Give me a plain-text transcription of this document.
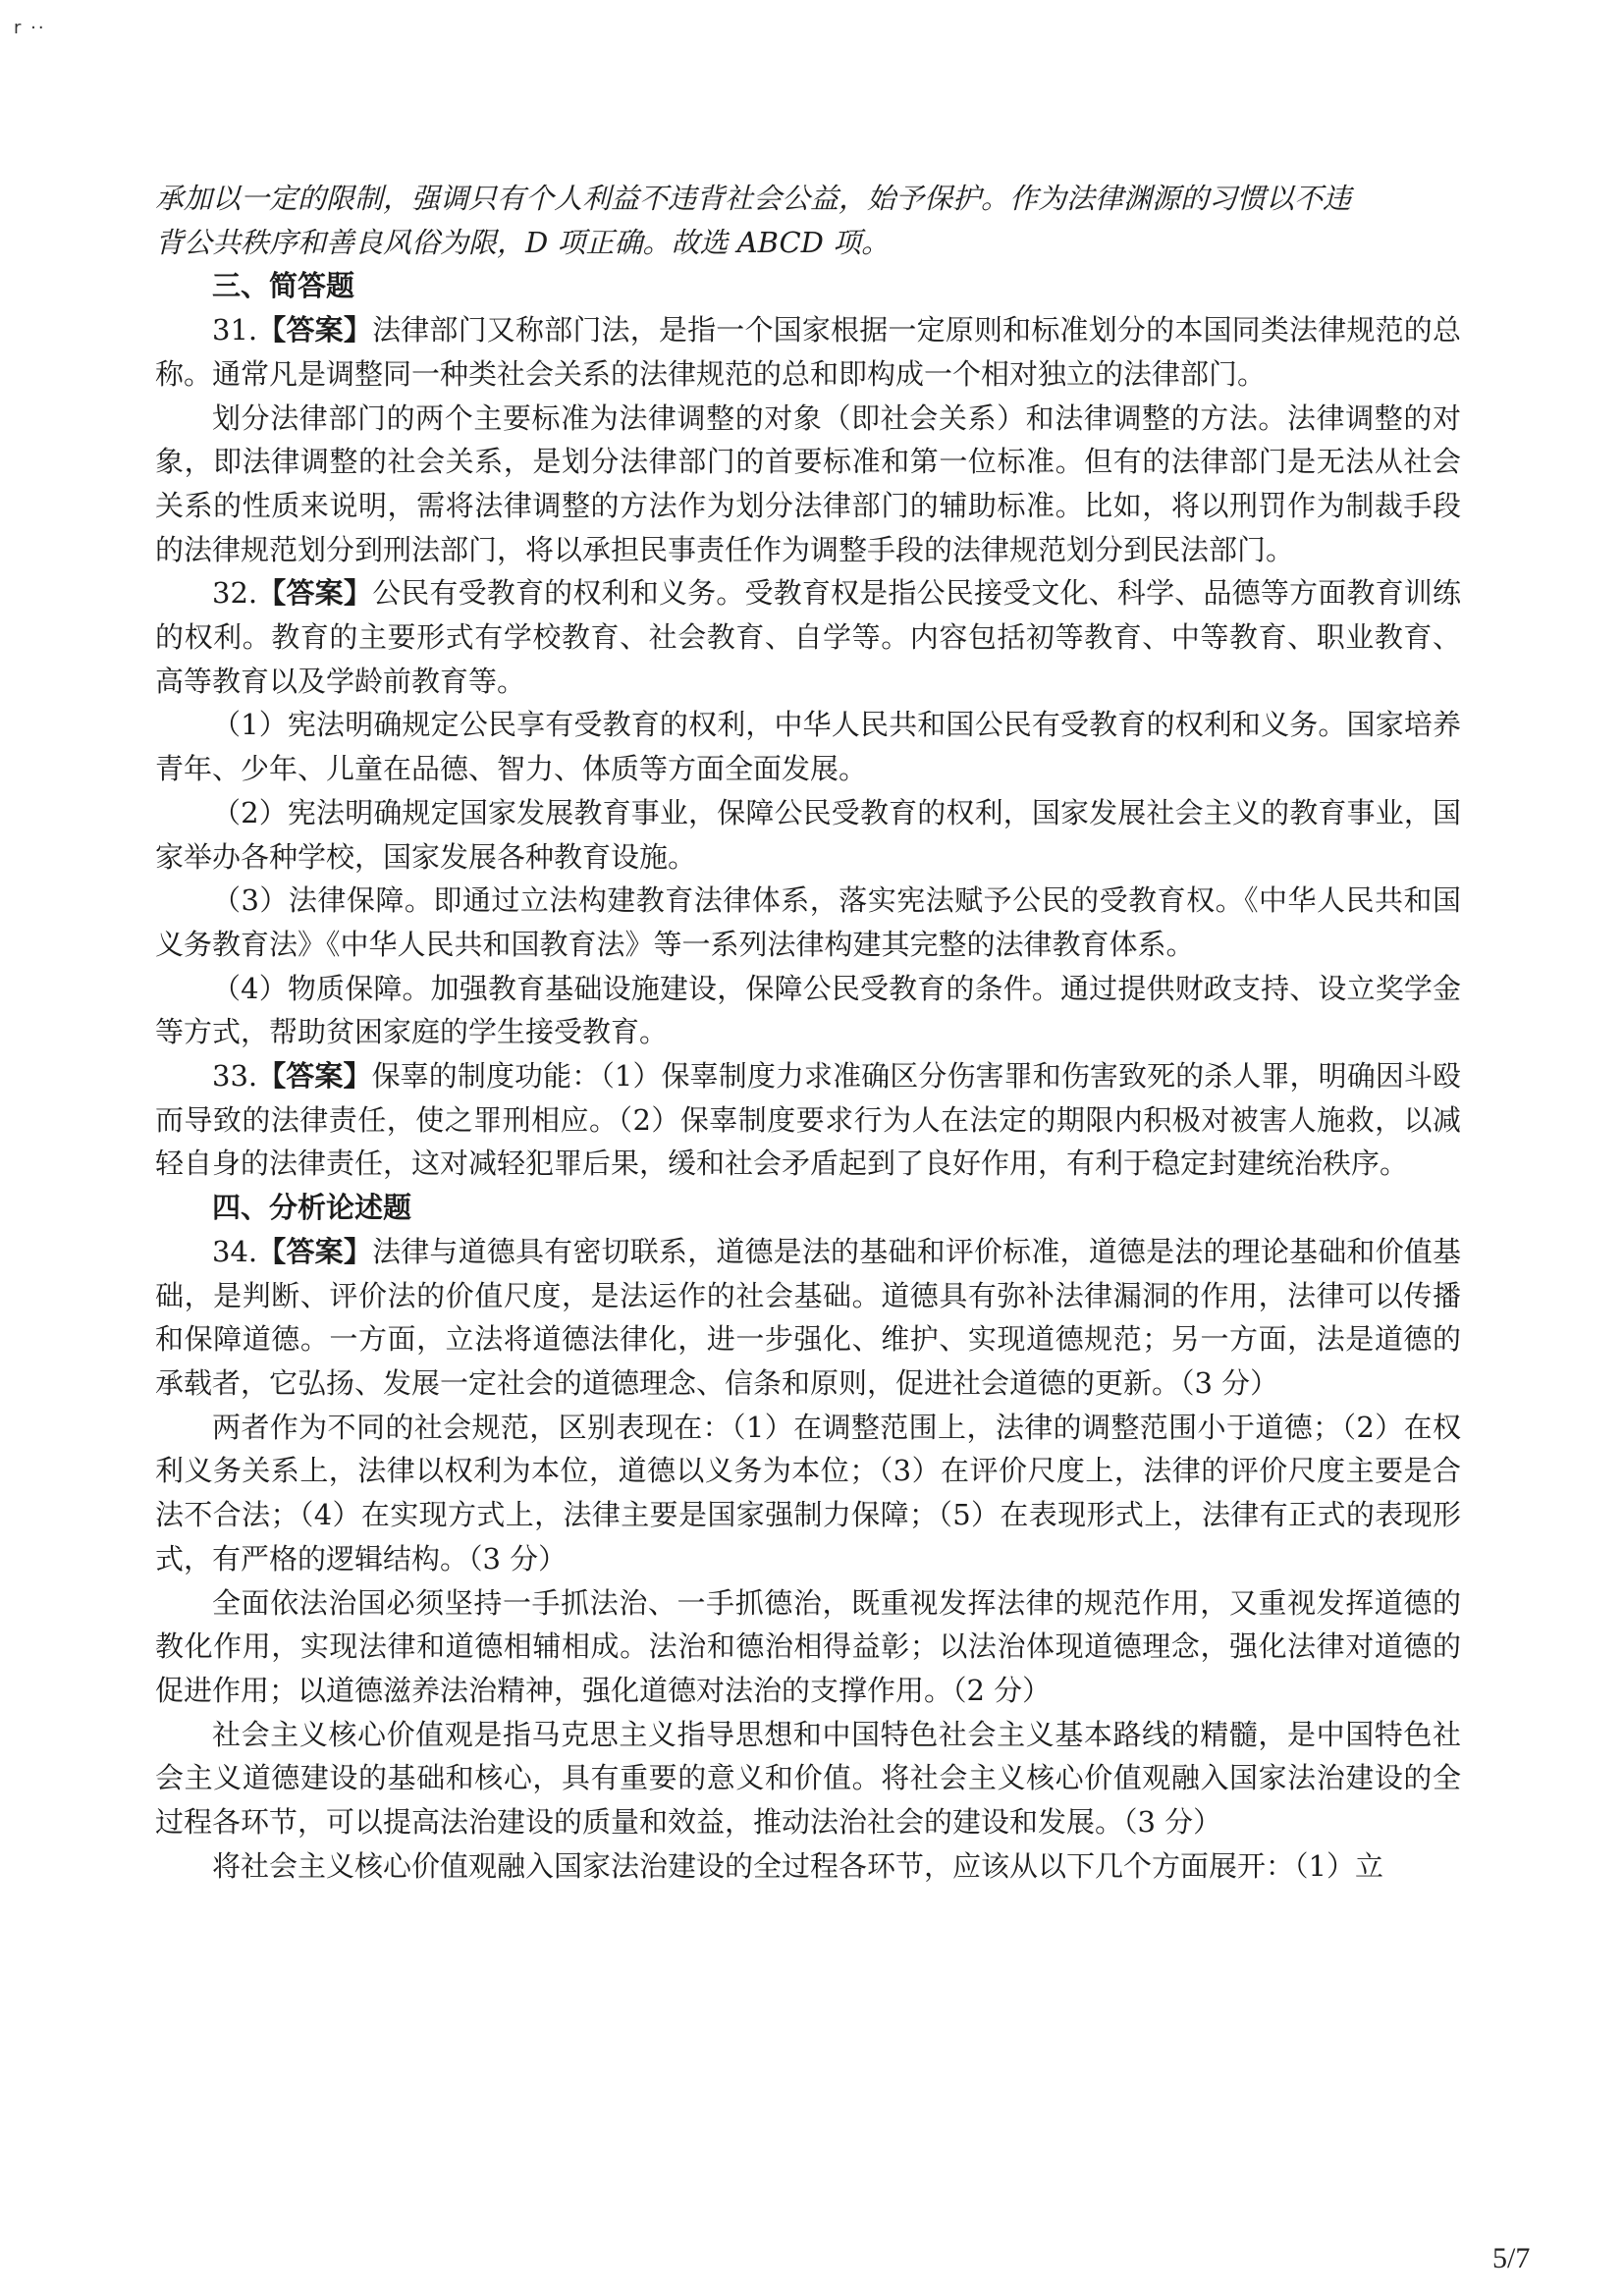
r ··

承加以一定的限制，强调只有个人利益不违背社会公益，始予保护。作为法律渊源的习惯以不违

背公共秩序和善良风俗为限，D 项正确。故选 ABCD 项。

三、简答题

31.【答案】法律部门又称部门法，是指一个国家根据一定原则和标准划分的本国同类法律规范的总称。通常凡是调整同一种类社会关系的法律规范的总和即构成一个相对独立的法律部门。

划分法律部门的两个主要标准为法律调整的对象（即社会关系）和法律调整的方法。法律调整的对象，即法律调整的社会关系，是划分法律部门的首要标准和第一位标准。但有的法律部门是无法从社会关系的性质来说明，需将法律调整的方法作为划分法律部门的辅助标准。比如，将以刑罚作为制裁手段的法律规范划分到刑法部门，将以承担民事责任作为调整手段的法律规范划分到民法部门。

32.【答案】公民有受教育的权利和义务。受教育权是指公民接受文化、科学、品德等方面教育训练的权利。教育的主要形式有学校教育、社会教育、自学等。内容包括初等教育、中等教育、职业教育、高等教育以及学龄前教育等。

（1）宪法明确规定公民享有受教育的权利，中华人民共和国公民有受教育的权利和义务。国家培养青年、少年、儿童在品德、智力、体质等方面全面发展。

（2）宪法明确规定国家发展教育事业，保障公民受教育的权利，国家发展社会主义的教育事业，国家举办各种学校，国家发展各种教育设施。

（3）法律保障。即通过立法构建教育法律体系，落实宪法赋予公民的受教育权。《中华人民共和国义务教育法》《中华人民共和国教育法》等一系列法律构建其完整的法律教育体系。

（4）物质保障。加强教育基础设施建设，保障公民受教育的条件。通过提供财政支持、设立奖学金等方式，帮助贫困家庭的学生接受教育。

33.【答案】保辜的制度功能：（1）保辜制度力求准确区分伤害罪和伤害致死的杀人罪，明确因斗殴而导致的法律责任，使之罪刑相应。（2）保辜制度要求行为人在法定的期限内积极对被害人施救，以减轻自身的法律责任，这对减轻犯罪后果，缓和社会矛盾起到了良好作用，有利于稳定封建统治秩序。

四、分析论述题

34.【答案】法律与道德具有密切联系，道德是法的基础和评价标准，道德是法的理论基础和价值基础，是判断、评价法的价值尺度，是法运作的社会基础。道德具有弥补法律漏洞的作用，法律可以传播和保障道德。一方面，立法将道德法律化，进一步强化、维护、实现道德规范；另一方面，法是道德的承载者，它弘扬、发展一定社会的道德理念、信条和原则，促进社会道德的更新。（3 分）

两者作为不同的社会规范，区别表现在：（1）在调整范围上，法律的调整范围小于道德；（2）在权利义务关系上，法律以权利为本位，道德以义务为本位；（3）在评价尺度上，法律的评价尺度主要是合法不合法；（4）在实现方式上，法律主要是国家强制力保障；（5）在表现形式上，法律有正式的表现形式，有严格的逻辑结构。（3 分）

全面依法治国必须坚持一手抓法治、一手抓德治，既重视发挥法律的规范作用，又重视发挥道德的教化作用，实现法律和道德相辅相成。法治和德治相得益彰；以法治体现道德理念，强化法律对道德的促进作用；以道德滋养法治精神，强化道德对法治的支撑作用。（2 分）

社会主义核心价值观是指马克思主义指导思想和中国特色社会主义基本路线的精髓，是中国特色社会主义道德建设的基础和核心，具有重要的意义和价值。将社会主义核心价值观融入国家法治建设的全过程各环节，可以提高法治建设的质量和效益，推动法治社会的建设和发展。（3 分）

将社会主义核心价值观融入国家法治建设的全过程各环节，应该从以下几个方面展开：（1）立

5/7
